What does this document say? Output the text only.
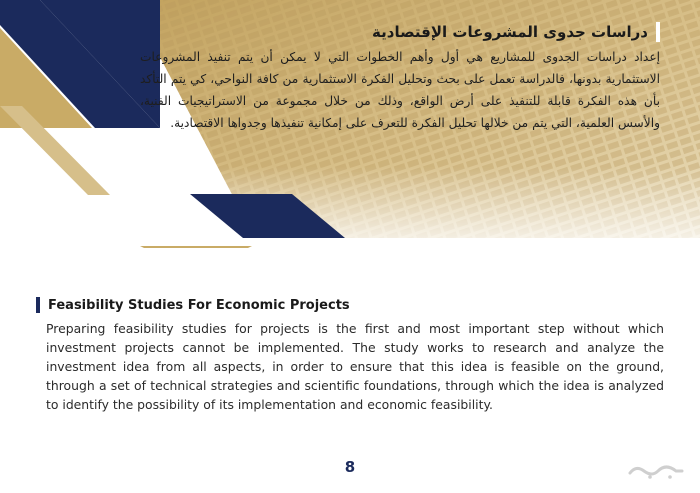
دراسات جدوى المشروعات الإقتصادية

إعداد دراسات الجدوى للمشاريع هي أول وأهم الخطوات التي لا يمكن أن يتم تنفيذ المشروعات الاستثمارية بدونها، فالدراسة تعمل على بحث وتحليل الفكرة الاستثمارية من كافة النواحي، كي يتم التأكد بأن هذه الفكرة قابلة للتنفيذ على أرض الواقع، وذلك من خلال مجموعة من الاستراتيجيات الفنية، والأسس العلمية، التي يتم من خلالها تحليل الفكرة للتعرف على إمكانية تنفيذها وجدواها الاقتصادية.

Feasibility Studies For Economic Projects

Preparing feasibility studies for projects is the first and most important step without which investment projects cannot be implemented. The study works to research and analyze the investment idea from all aspects, in order to ensure that this idea is feasible on the ground, through a set of technical strategies and scientific foundations, through which the idea is analyzed to identify the possibility of its implementation and economic feasibility.

8
